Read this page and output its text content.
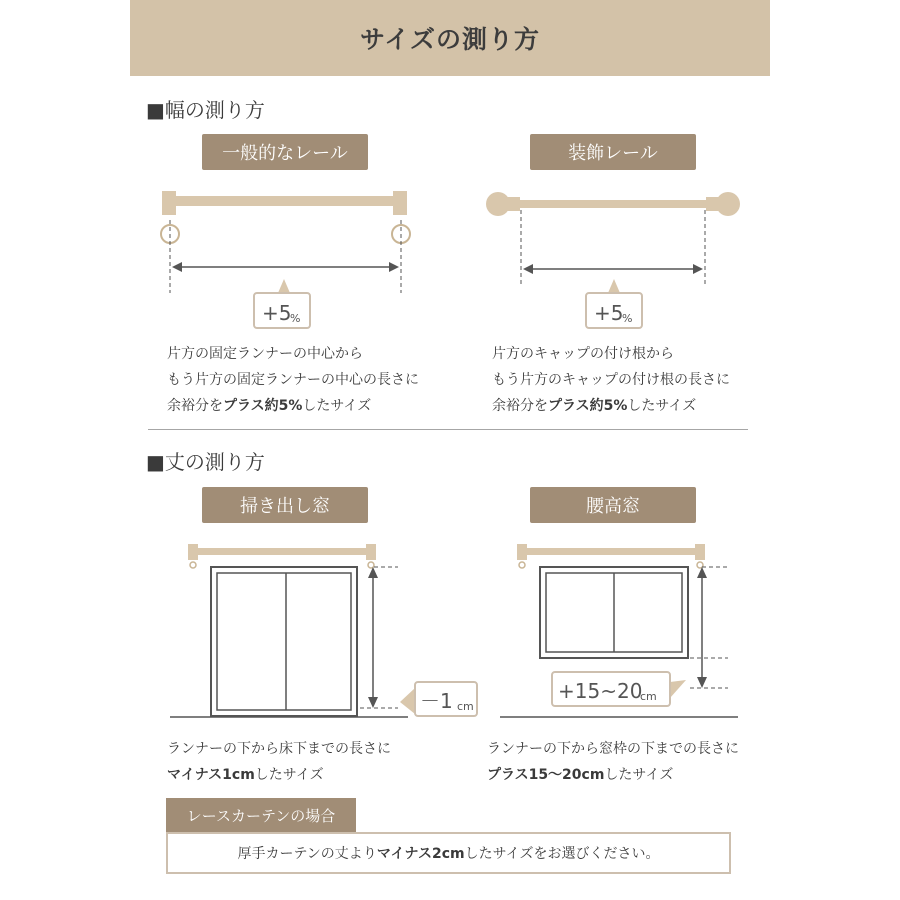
サイズの測り方
■幅の測り方
一般的なレール	装飾レール
+5
%	+5
%
片方の固定ランナーの中心から
もう片方の固定ランナーの中心の長さに
余裕分をプラス約5%したサイズ
片方のキャップの付け根から
もう片方のキャップの付け根の長さに
余裕分をプラス約5%したサイズ
■丈の測り方
掃き出し窓	腰高窓
－1 cm
+15~20
cm
ランナーの下から床下までの長さに
マイナス1cmしたサイズ
ランナーの下から窓枠の下までの長さに
プラス15〜20cmしたサイズ
レースカーテンの場合
厚手カーテンの丈より マイナス2cm したサイズをお選びください。
